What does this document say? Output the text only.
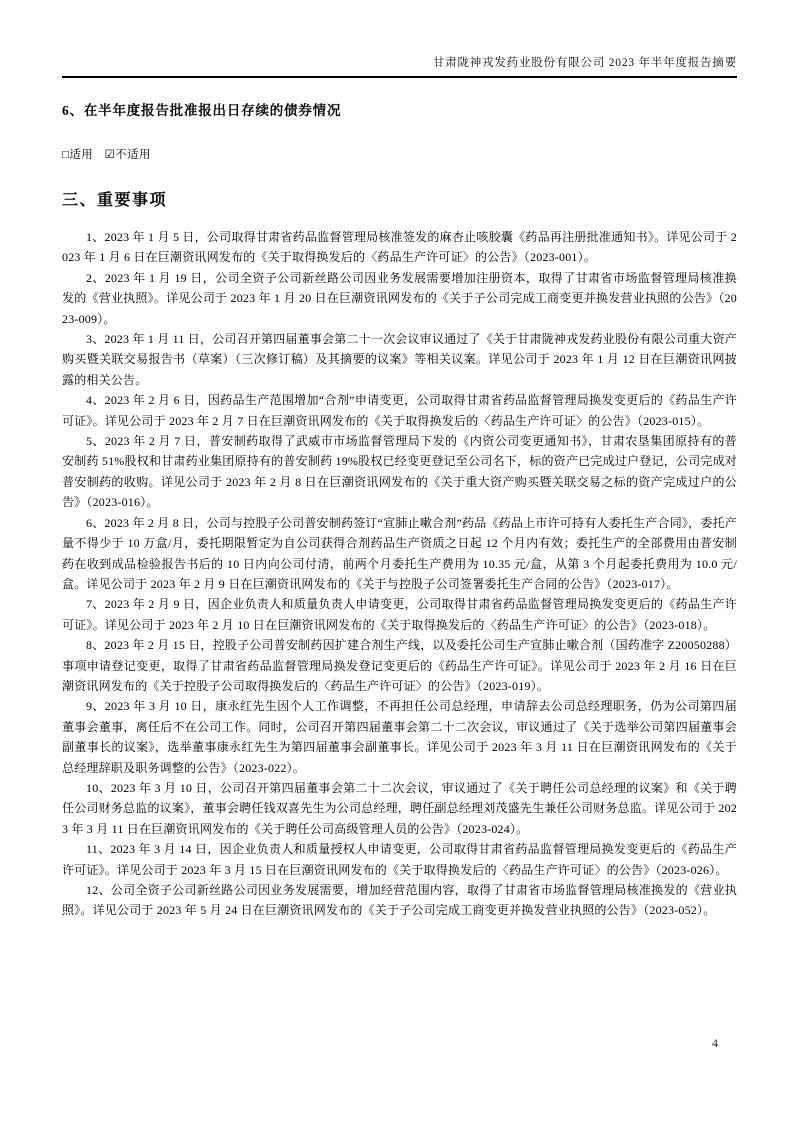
甘肃陇神戎发药业股份有限公司 2023 年半年度报告摘要
6、在半年度报告批准报出日存续的债券情况

□适用 ☑不适用

三、重要事项

1、2023 年 1 月 5 日，公司取得甘肃省药品监督管理局核准签发的麻杏止咳胶囊《药品再注册批准通知书》。详见公司于 2023 年 1 月 6 日在巨潮资讯网发布的《关于取得换发后的〈药品生产许可证〉的公告》（2023-001）。

2、2023 年 1 月 19 日，公司全资子公司新丝路公司因业务发展需要增加注册资本，取得了甘肃省市场监督管理局核准换发的《营业执照》。详见公司于 2023 年 1 月 20 日在巨潮资讯网发布的《关于子公司完成工商变更并换发营业执照的公告》（2023-009）。

3、2023 年 1 月 11 日，公司召开第四届董事会第二十一次会议审议通过了《关于甘肃陇神戎发药业股份有限公司重大资产购买暨关联交易报告书（草案）（三次修订稿）及其摘要的议案》等相关议案。详见公司于 2023 年 1 月 12 日在巨潮资讯网披露的相关公告。

4、2023 年 2 月 6 日，因药品生产范围增加“合剂”申请变更，公司取得甘肃省药品监督管理局换发变更后的《药品生产许可证》。详见公司于 2023 年 2 月 7 日在巨潮资讯网发布的《关于取得换发后的〈药品生产许可证〉的公告》（2023-015）。

5、2023 年 2 月 7 日，普安制药取得了武威市市场监督管理局下发的《内资公司变更通知书》，甘肃农垦集团原持有的普安制药 51%股权和甘肃药业集团原持有的普安制药 19%股权已经变更登记至公司名下，标的资产已完成过户登记，公司完成对普安制药的收购。详见公司于 2023 年 2 月 8 日在巨潮资讯网发布的《关于重大资产购买暨关联交易之标的资产完成过户的公告》（2023-016）。

6、2023 年 2 月 8 日，公司与控股子公司普安制药签订“宣肺止嗽合剂”药品《药品上市许可持有人委托生产合同》，委托产量不得少于 10 万盒/月，委托期限暂定为自公司获得合剂药品生产资质之日起 12 个月内有效；委托生产的全部费用由普安制药在收到成品检验报告书后的 10 日内向公司付清，前两个月委托生产费用为 10.35 元/盒，从第 3 个月起委托费用为 10.0 元/盒。详见公司于 2023 年 2 月 9 日在巨潮资讯网发布的《关于与控股子公司签署委托生产合同的公告》（2023-017）。

7、2023 年 2 月 9 日，因企业负责人和质量负责人申请变更，公司取得甘肃省药品监督管理局换发变更后的《药品生产许可证》。详见公司于 2023 年 2 月 10 日在巨潮资讯网发布的《关于取得换发后的〈药品生产许可证〉的公告》（2023-018）。

8、2023 年 2 月 15 日，控股子公司普安制药因扩建合剂生产线，以及委托公司生产宣肺止嗽合剂（国药准字 Z20050288）事项申请登记变更，取得了甘肃省药品监督管理局换发登记变更后的《药品生产许可证》。详见公司于 2023 年 2 月 16 日在巨潮资讯网发布的《关于控股子公司取得换发后的〈药品生产许可证〉的公告》（2023-019）。

9、2023 年 3 月 10 日，康永红先生因个人工作调整，不再担任公司总经理，申请辞去公司总经理职务，仍为公司第四届董事会董事，离任后不在公司工作。同时，公司召开第四届董事会第二十二次会议，审议通过了《关于选举公司第四届董事会副董事长的议案》，选举董事康永红先生为第四届董事会副董事长。详见公司于 2023 年 3 月 11 日在巨潮资讯网发布的《关于总经理辞职及职务调整的公告》（2023-022）。

10、2023 年 3 月 10 日，公司召开第四届董事会第二十二次会议，审议通过了《关于聘任公司总经理的议案》和《关于聘任公司财务总监的议案》，董事会聘任钱双喜先生为公司总经理，聘任副总经理刘茂盛先生兼任公司财务总监。详见公司于 2023 年 3 月 11 日在巨潮资讯网发布的《关于聘任公司高级管理人员的公告》（2023-024）。

11、2023 年 3 月 14 日，因企业负责人和质量授权人申请变更，公司取得甘肃省药品监督管理局换发变更后的《药品生产许可证》。详见公司于 2023 年 3 月 15 日在巨潮资讯网发布的《关于取得换发后的〈药品生产许可证〉的公告》（2023-026）。

12、公司全资子公司新丝路公司因业务发展需要，增加经营范围内容，取得了甘肃省市场监督管理局核准换发的《营业执照》。详见公司于 2023 年 5 月 24 日在巨潮资讯网发布的《关于子公司完成工商变更并换发营业执照的公告》（2023-052）。

4
